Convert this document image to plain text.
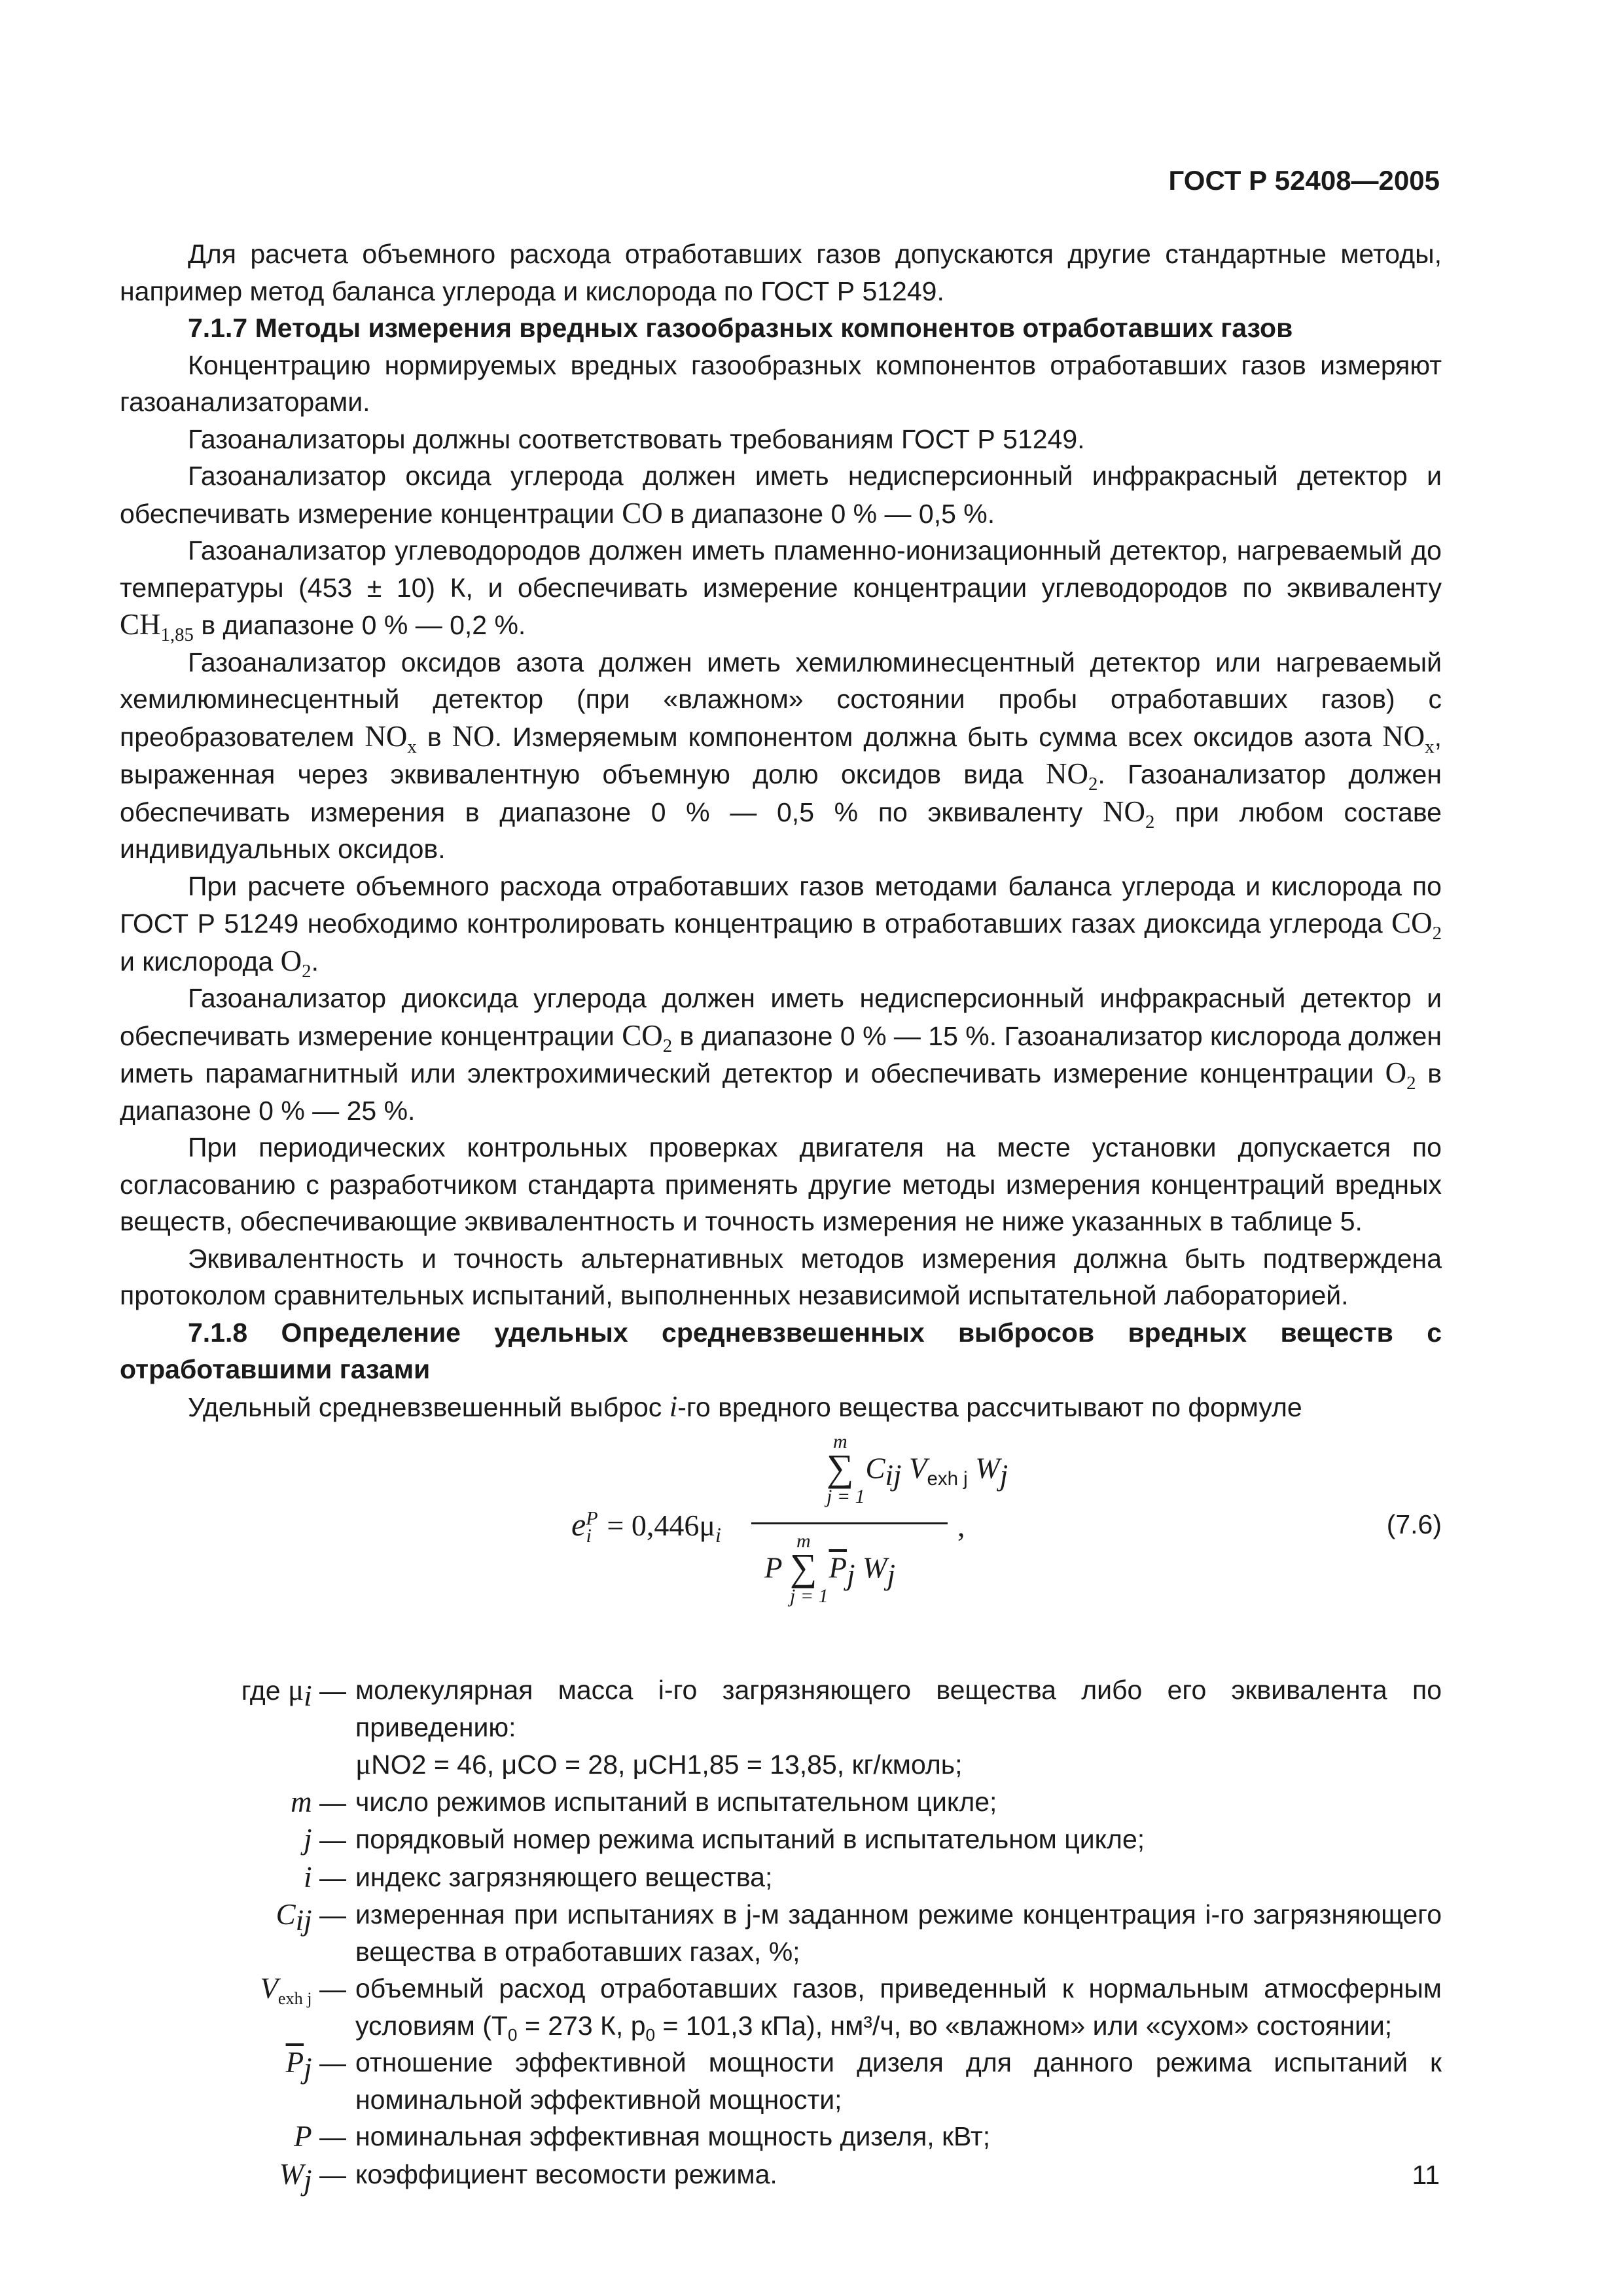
ГОСТ Р 52408—2005

Для расчета объемного расхода отработавших газов допускаются другие стандартные методы, например метод баланса углерода и кислорода по ГОСТ Р 51249.

7.1.7 Методы измерения вредных газообразных компонентов отработавших газов

Концентрацию нормируемых вредных газообразных компонентов отработавших газов измеряют газоанализаторами.

Газоанализаторы должны соответствовать требованиям ГОСТ Р 51249.

Газоанализатор оксида углерода должен иметь недисперсионный инфракрасный детектор и обеспечивать измерение концентрации CO в диапазоне 0 % — 0,5 %.

Газоанализатор углеводородов должен иметь пламенно-ионизационный детектор, нагреваемый до температуры (453 ± 10) К, и обеспечивать измерение концентрации углеводородов по эквиваленту $CH_{1,85}$ в диапазоне 0 % — 0,2 %.

Газоанализатор оксидов азота должен иметь хемилюминесцентный детектор или нагреваемый хемилюминесцентный детектор (при «влажном» состоянии пробы отработавших газов) с преобразователем $NO_x$ в NO. Измеряемым компонентом должна быть сумма всех оксидов азота $NO_x$, выраженная через эквивалентную объемную долю оксидов вида $NO_2$. Газоанализатор должен обеспечивать измерения в диапазоне 0 % — 0,5 % по эквиваленту $NO_2$ при любом составе индивидуальных оксидов.

При расчете объемного расхода отработавших газов методами баланса углерода и кислорода по ГОСТ Р 51249 необходимо контролировать концентрацию в отработавших газах диоксида углерода $CO_2$ и кислорода $O_2$.

Газоанализатор диоксида углерода должен иметь недисперсионный инфракрасный детектор и обеспечивать измерение концентрации $CO_2$ в диапазоне 0 % — 15 %. Газоанализатор кислорода должен иметь парамагнитный или электрохимический детектор и обеспечивать измерение концентрации $O_2$ в диапазоне 0 % — 25 %.

При периодических контрольных проверках двигателя на месте установки допускается по согласованию с разработчиком стандарта применять другие методы измерения концентраций вредных веществ, обеспечивающие эквивалентность и точность измерения не ниже указанных в таблице 5.

Эквивалентность и точность альтернативных методов измерения должна быть подтверждена протоколом сравнительных испытаний, выполненных независимой испытательной лабораторией.

7.1.8 Определение удельных средневзвешенных выбросов вредных веществ с отработавшими газами

Удельный средневзвешенный выброс i-го вредного вещества рассчитывают по формуле

$e^P_i = 0,446\mu_i$
m
∑
j = 1
$C_{ij}$ $V_{exh j}$ $W_j$
P
m
∑
j = 1
$\overline{P}_j$ $W_j$
,	(7.6)
где $\mu_i$ — молекулярная масса i-го загрязняющего вещества либо его эквивалента по приведению:
μNO2 = 46, μCO = 28, μCH1,85 = 13,85, кг/кмоль;
m — число режимов испытаний в испытательном цикле;
j — порядковый номер режима испытаний в испытательном цикле;
i — индекс загрязняющего вещества;
$C_{ij}$ — измеренная при испытаниях в j-м заданном режиме концентрация i-го загрязняющего вещества в отработавших газах, %;
$V_{exh j}$ — объемный расход отработавших газов, приведенный к нормальным атмосферным условиям ($T_0 = 273$ К, $p_0 = 101,3$ кПа), нм³/ч, во «влажном» или «сухом» состоянии;
$\overline{P}_j$ — отношение эффективной мощности дизеля для данного режима испытаний к номинальной эффективной мощности;
P — номинальная эффективная мощность дизеля, кВт;
$W_j$ — коэффициент весомости режима.	11
